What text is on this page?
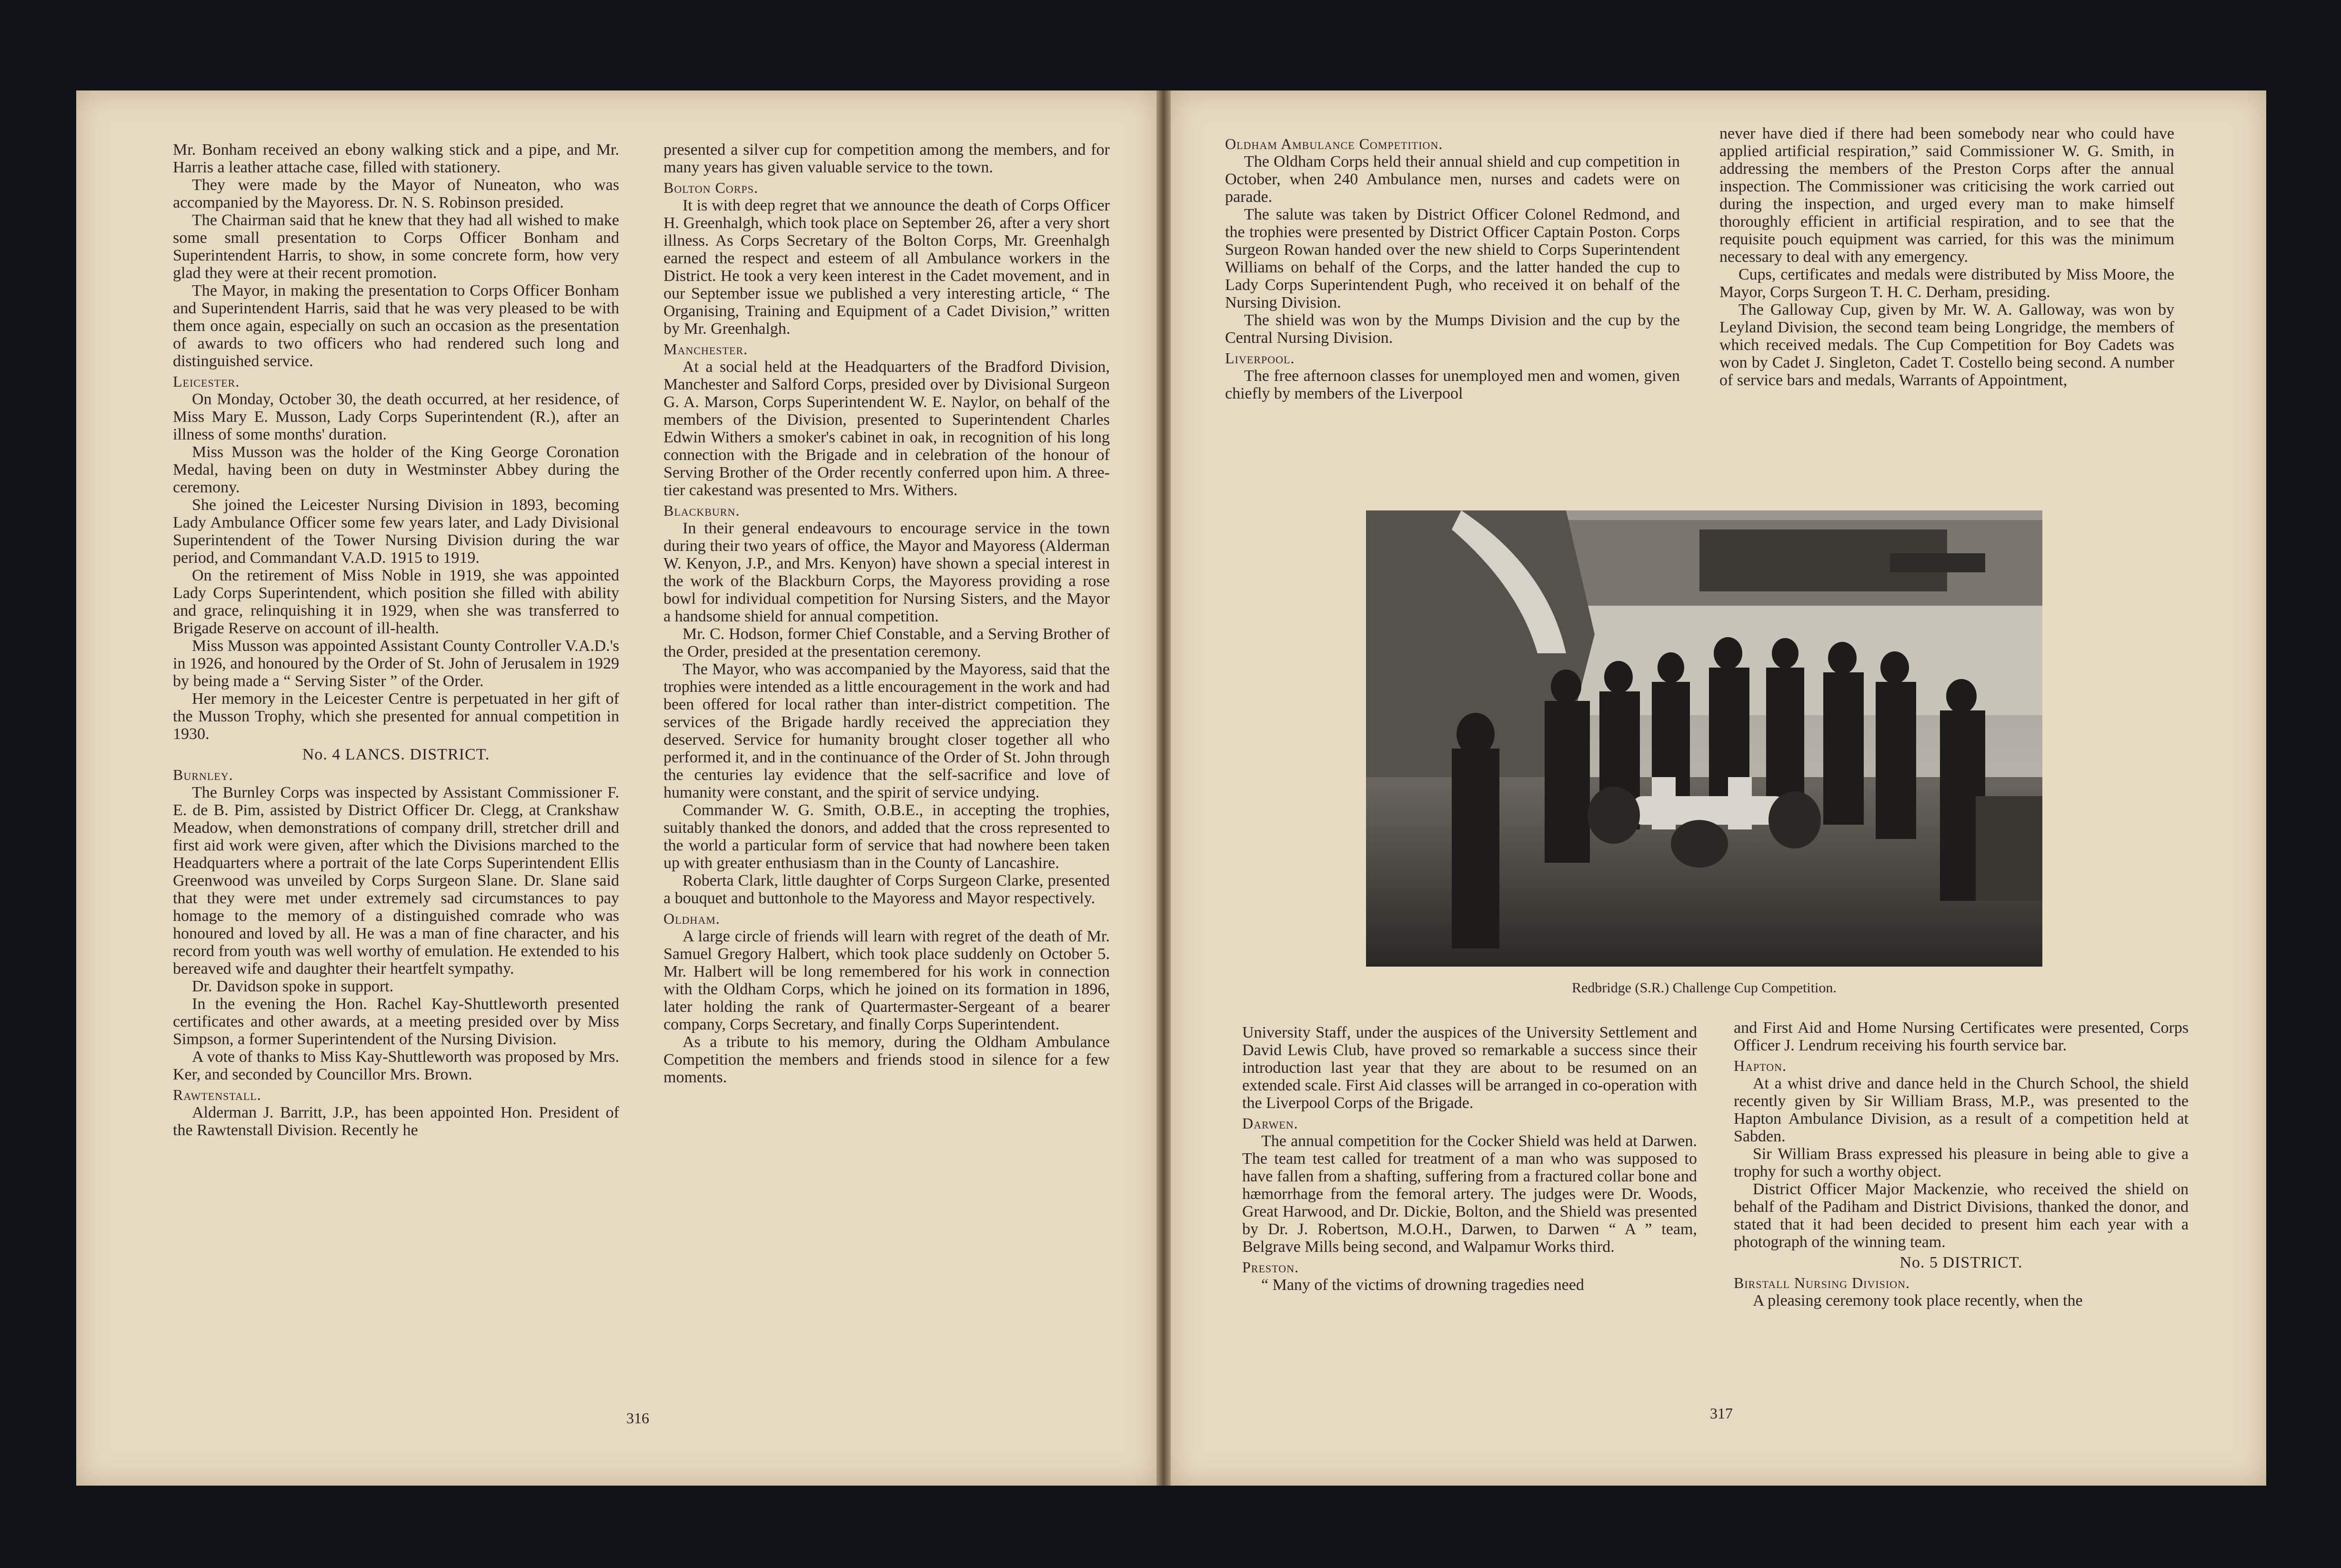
Mr. Bonham received an ebony walking stick and a pipe, and Mr. Harris a leather attache case, filled with stationery.

They were made by the Mayor of Nuneaton, who was accompanied by the Mayoress. Dr. N. S. Robinson presided.

The Chairman said that he knew that they had all wished to make some small presentation to Corps Officer Bonham and Superintendent Harris, to show, in some concrete form, how very glad they were at their recent promotion.

The Mayor, in making the presentation to Corps Officer Bonham and Superintendent Harris, said that he was very pleased to be with them once again, especially on such an occasion as the presentation of awards to two officers who had rendered such long and distinguished service.

Leicester.

On Monday, October 30, the death occurred, at her residence, of Miss Mary E. Musson, Lady Corps Superintendent (R.), after an illness of some months' duration.

Miss Musson was the holder of the King George Coronation Medal, having been on duty in Westminster Abbey during the ceremony.

She joined the Leicester Nursing Division in 1893, becoming Lady Ambulance Officer some few years later, and Lady Divisional Superintendent of the Tower Nursing Division during the war period, and Commandant V.A.D. 1915 to 1919.

On the retirement of Miss Noble in 1919, she was appointed Lady Corps Superintendent, which position she filled with ability and grace, relinquishing it in 1929, when she was transferred to Brigade Reserve on account of ill-health.

Miss Musson was appointed Assistant County Controller V.A.D.'s in 1926, and honoured by the Order of St. John of Jerusalem in 1929 by being made a “ Serving Sister ” of the Order.

Her memory in the Leicester Centre is perpetuated in her gift of the Musson Trophy, which she presented for annual competition in 1930.

No. 4 LANCS. DISTRICT.

Burnley.

The Burnley Corps was inspected by Assistant Commissioner F. E. de B. Pim, assisted by District Officer Dr. Clegg, at Crankshaw Meadow, when demonstrations of company drill, stretcher drill and first aid work were given, after which the Divisions marched to the Headquarters where a portrait of the late Corps Superintendent Ellis Greenwood was unveiled by Corps Surgeon Slane. Dr. Slane said that they were met under extremely sad circumstances to pay homage to the memory of a distinguished comrade who was honoured and loved by all. He was a man of fine character, and his record from youth was well worthy of emulation. He extended to his bereaved wife and daughter their heartfelt sympathy.

Dr. Davidson spoke in support.

In the evening the Hon. Rachel Kay-Shuttleworth presented certificates and other awards, at a meeting presided over by Miss Simpson, a former Superintendent of the Nursing Division.

A vote of thanks to Miss Kay-Shuttleworth was proposed by Mrs. Ker, and seconded by Councillor Mrs. Brown.

Rawtenstall.

Alderman J. Barritt, J.P., has been appointed Hon. President of the Rawtenstall Division. Recently he

presented a silver cup for competition among the members, and for many years has given valuable service to the town.

Bolton Corps.

It is with deep regret that we announce the death of Corps Officer H. Greenhalgh, which took place on September 26, after a very short illness. As Corps Secretary of the Bolton Corps, Mr. Greenhalgh earned the respect and esteem of all Ambulance workers in the District. He took a very keen interest in the Cadet movement, and in our September issue we published a very interesting article, “ The Organising, Training and Equipment of a Cadet Division,” written by Mr. Greenhalgh.

Manchester.

At a social held at the Headquarters of the Bradford Division, Manchester and Salford Corps, presided over by Divisional Surgeon G. A. Marson, Corps Superintendent W. E. Naylor, on behalf of the members of the Division, presented to Superintendent Charles Edwin Withers a smoker's cabinet in oak, in recognition of his long connection with the Brigade and in celebration of the honour of Serving Brother of the Order recently conferred upon him. A three-tier cakestand was presented to Mrs. Withers.

Blackburn.

In their general endeavours to encourage service in the town during their two years of office, the Mayor and Mayoress (Alderman W. Kenyon, J.P., and Mrs. Kenyon) have shown a special interest in the work of the Blackburn Corps, the Mayoress providing a rose bowl for individual competition for Nursing Sisters, and the Mayor a handsome shield for annual competition.

Mr. C. Hodson, former Chief Constable, and a Serving Brother of the Order, presided at the presentation ceremony.

The Mayor, who was accompanied by the Mayoress, said that the trophies were intended as a little encouragement in the work and had been offered for local rather than inter-district competition. The services of the Brigade hardly received the appreciation they deserved. Service for humanity brought closer together all who performed it, and in the continuance of the Order of St. John through the centuries lay evidence that the self-sacrifice and love of humanity were constant, and the spirit of service undying.

Commander W. G. Smith, O.B.E., in accepting the trophies, suitably thanked the donors, and added that the cross represented to the world a particular form of service that had nowhere been taken up with greater enthusiasm than in the County of Lancashire.

Roberta Clark, little daughter of Corps Surgeon Clarke, presented a bouquet and buttonhole to the Mayoress and Mayor respectively.

Oldham.

A large circle of friends will learn with regret of the death of Mr. Samuel Gregory Halbert, which took place suddenly on October 5. Mr. Halbert will be long remembered for his work in connection with the Oldham Corps, which he joined on its formation in 1896, later holding the rank of Quartermaster-Sergeant of a bearer company, Corps Secretary, and finally Corps Superintendent.

As a tribute to his memory, during the Oldham Ambulance Competition the members and friends stood in silence for a few moments.

316

Oldham Ambulance Competition.

The Oldham Corps held their annual shield and cup competition in October, when 240 Ambulance men, nurses and cadets were on parade.

The salute was taken by District Officer Colonel Redmond, and the trophies were presented by District Officer Captain Poston. Corps Surgeon Rowan handed over the new shield to Corps Superintendent Williams on behalf of the Corps, and the latter handed the cup to Lady Corps Superintendent Pugh, who received it on behalf of the Nursing Division.

The shield was won by the Mumps Division and the cup by the Central Nursing Division.

Liverpool.

The free afternoon classes for unemployed men and women, given chiefly by members of the Liverpool

never have died if there had been somebody near who could have applied artificial respiration,” said Commissioner W. G. Smith, in addressing the members of the Preston Corps after the annual inspection. The Commissioner was criticising the work carried out during the inspection, and urged every man to make himself thoroughly efficient in artificial respiration, and to see that the requisite pouch equipment was carried, for this was the minimum necessary to deal with any emergency.

Cups, certificates and medals were distributed by Miss Moore, the Mayor, Corps Surgeon T. H. C. Derham, presiding.

The Galloway Cup, given by Mr. W. A. Galloway, was won by Leyland Division, the second team being Longridge, the members of which received medals. The Cup Competition for Boy Cadets was won by Cadet J. Singleton, Cadet T. Costello being second. A number of service bars and medals, Warrants of Appointment,

Redbridge (S.R.) Challenge Cup Competition.

University Staff, under the auspices of the University Settlement and David Lewis Club, have proved so remarkable a success since their introduction last year that they are about to be resumed on an extended scale. First Aid classes will be arranged in co-operation with the Liverpool Corps of the Brigade.

Darwen.

The annual competition for the Cocker Shield was held at Darwen. The team test called for treatment of a man who was supposed to have fallen from a shafting, suffering from a fractured collar bone and hæmorrhage from the femoral artery. The judges were Dr. Woods, Great Harwood, and Dr. Dickie, Bolton, and the Shield was presented by Dr. J. Robertson, M.O.H., Darwen, to Darwen “ A ” team, Belgrave Mills being second, and Walpamur Works third.

Preston.

“ Many of the victims of drowning tragedies need

and First Aid and Home Nursing Certificates were presented, Corps Officer J. Lendrum receiving his fourth service bar.

Hapton.

At a whist drive and dance held in the Church School, the shield recently given by Sir William Brass, M.P., was presented to the Hapton Ambulance Division, as a result of a competition held at Sabden.

Sir William Brass expressed his pleasure in being able to give a trophy for such a worthy object.

District Officer Major Mackenzie, who received the shield on behalf of the Padiham and District Divisions, thanked the donor, and stated that it had been decided to present him each year with a photograph of the winning team.

No. 5 DISTRICT.

Birstall Nursing Division.

A pleasing ceremony took place recently, when the

317
